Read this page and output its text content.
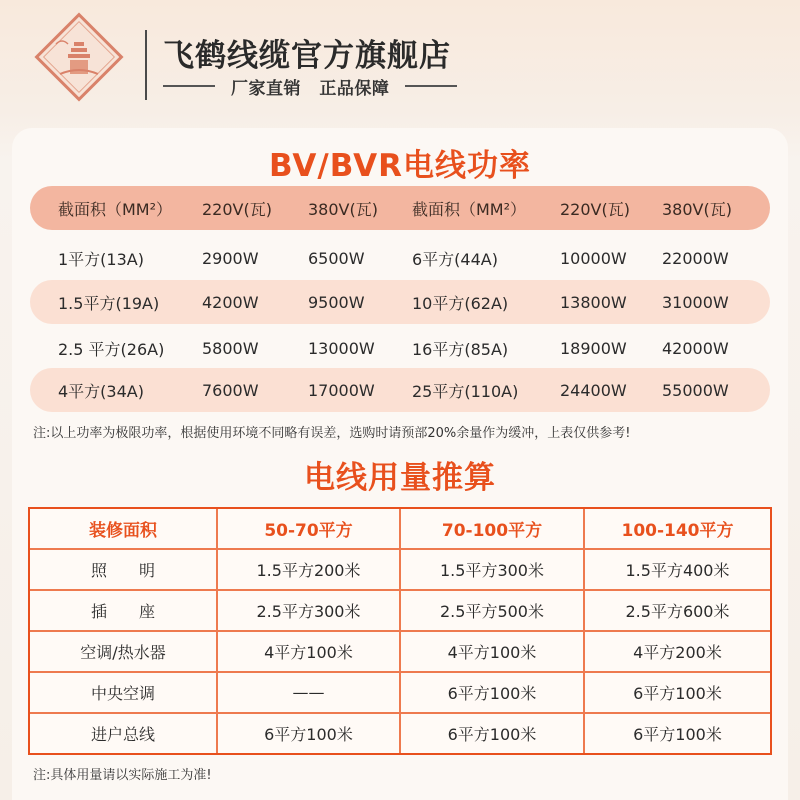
飞鹤线缆官方旗舰店
厂家直销 正品保障
BV/BVR电线功率
截面积（MM²） 220V(瓦) 380V(瓦) 截面积（MM²） 220V(瓦) 380V(瓦)
1平方(13A)	2900W	6500W	6平方(44A)	10000W 22000W
1.5平方(19A)	4200W	9500W	10平方(62A)	13800W 31000W
2.5 平方(26A) 5800W	13000W 16平方(85A)	18900W 42000W
4平方(34A)	7600W	17000W 25平方(110A)	24400W 55000W
注:以上功率为极限功率，根据使用环境不同略有误差，选购时请预部20%余量作为缓冲，上表仅供参考!
电线用量推算
装修面积	50-70平方	70-100平方	100-140平方
照　　明	1.5平方200米	1.5平方300米	1.5平方400米
插　　座	2.5平方300米	2.5平方500米	2.5平方600米
空调/热水器	4平方100米	4平方100米	4平方200米
中央空调	——	6平方100米	6平方100米
进户总线	6平方100米	6平方100米	6平方100米
注:具体用量请以实际施工为准!
